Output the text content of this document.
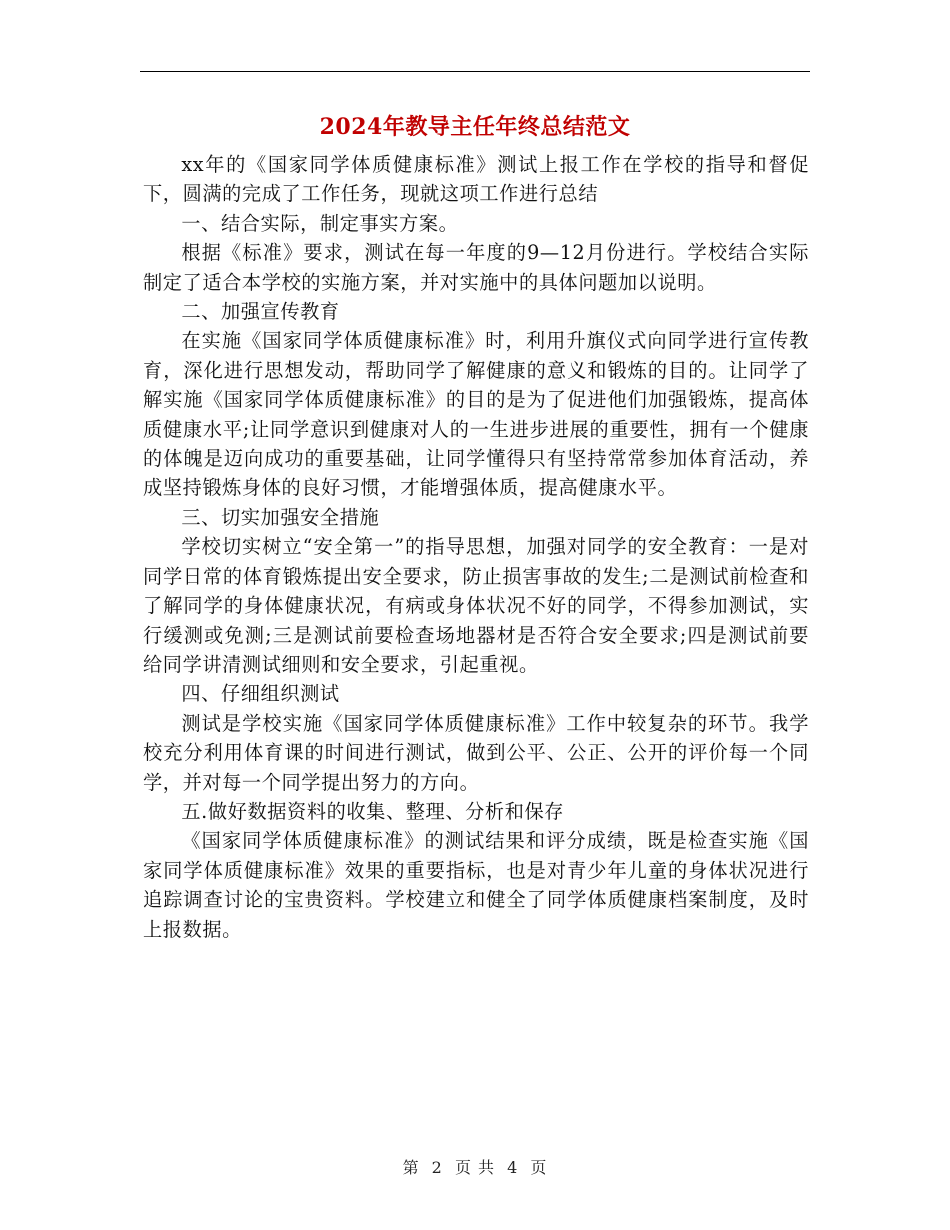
2024年教导主任年终总结范文

xx年的《国家同学体质健康标准》测试上报工作在学校的指导和督促下，圆满的完成了工作任务，现就这项工作进行总结

一、结合实际，制定事实方案。

根据《标准》要求，测试在每一年度的9—12月份进行。学校结合实际制定了适合本学校的实施方案，并对实施中的具体问题加以说明。

二、加强宣传教育

在实施《国家同学体质健康标准》时，利用升旗仪式向同学进行宣传教育，深化进行思想发动，帮助同学了解健康的意义和锻炼的目的。让同学了解实施《国家同学体质健康标准》的目的是为了促进他们加强锻炼，提高体质健康水平;让同学意识到健康对人的一生进步进展的重要性，拥有一个健康的体魄是迈向成功的重要基础，让同学懂得只有坚持常常参加体育活动，养成坚持锻炼身体的良好习惯，才能增强体质，提高健康水平。

三、切实加强安全措施

学校切实树立“安全第一”的指导思想，加强对同学的安全教育：一是对同学日常的体育锻炼提出安全要求，防止损害事故的发生;二是测试前检查和了解同学的身体健康状况，有病或身体状况不好的同学，不得参加测试，实行缓测或免测;三是测试前要检查场地器材是否符合安全要求;四是测试前要给同学讲清测试细则和安全要求，引起重视。

四、仔细组织测试

测试是学校实施《国家同学体质健康标准》工作中较复杂的环节。我学校充分利用体育课的时间进行测试，做到公平、公正、公开的评价每一个同学，并对每一个同学提出努力的方向。

五.做好数据资料的收集、整理、分析和保存

《国家同学体质健康标准》的测试结果和评分成绩，既是检查实施《国家同学体质健康标准》效果的重要指标，也是对青少年儿童的身体状况进行追踪调查讨论的宝贵资料。学校建立和健全了同学体质健康档案制度，及时上报数据。

第 2 页 共 4 页
